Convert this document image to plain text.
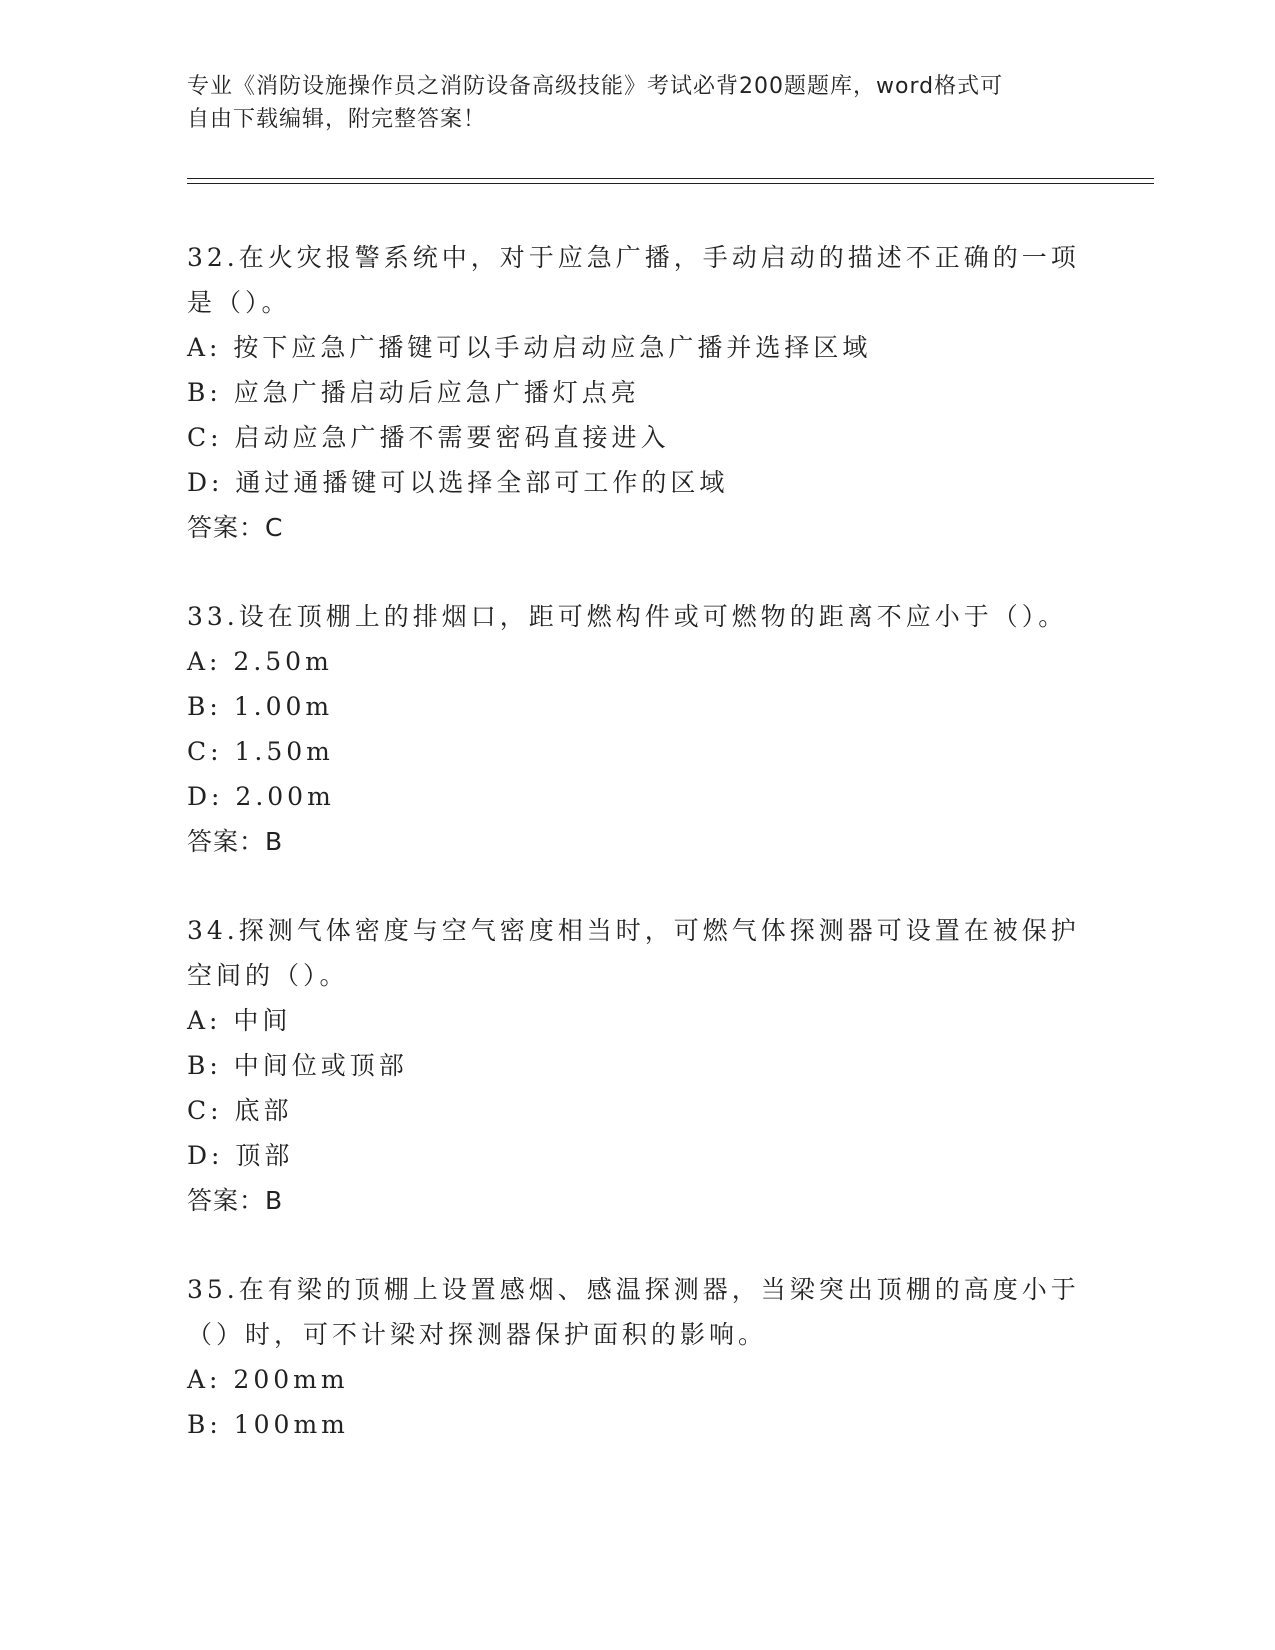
专业《消防设施操作员之消防设备高级技能》考试必背200题题库，word格式可
自由下载编辑，附完整答案！
32.在火灾报警系统中，对于应急广播，手动启动的描述不正确的一项
是（）。
A: 按下应急广播键可以手动启动应急广播并选择区域
B: 应急广播启动后应急广播灯点亮
C: 启动应急广播不需要密码直接进入
D: 通过通播键可以选择全部可工作的区域
答案：C
33.设在顶棚上的排烟口，距可燃构件或可燃物的距离不应小于（）。
A: 2.50m
B: 1.00m
C: 1.50m
D: 2.00m
答案：B
34.探测气体密度与空气密度相当时，可燃气体探测器可设置在被保护
空间的（）。
A: 中间
B: 中间位或顶部
C: 底部
D: 顶部
答案：B
35.在有梁的顶棚上设置感烟、感温探测器，当梁突出顶棚的高度小于
（）时，可不计梁对探测器保护面积的影响。
A: 200mm
B: 100mm
